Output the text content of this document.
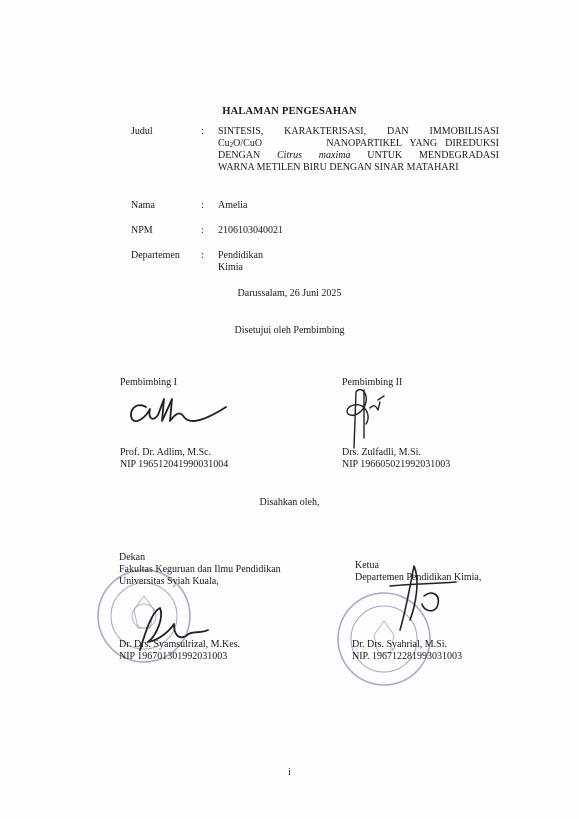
HALAMAN PENGESAHAN
Judul	: SINTESIS, KARAKTERISASI, DAN IMMOBILISASI
$Cu_2O$/CuO	NANOPARTIKEL YANG DIREDUKSI
DENGAN Citrus maxima UNTUK MENDEGRADASI
WARNA METILEN BIRU DENGAN SINAR MATAHARI
Nama	: Amelia
NPM	: 2106103040021
Departemen	: Pendidikan Kimia
Darussalam, 26 Juni 2025
Disetujui oleh Pembimbing
Pembimbing I
Prof. Dr. Adlim, M.Sc.
NIP 196512041990031004
Pembimbing II
Drs. Zulfadli, M.Si.
NIP 196605021992031003
Disahkan oleh,
Dekan
Fakultas Keguruan dan Ilmu Pendidikan
Universitas Syiah Kuala,
Dr. Drs. Syamsulrizal, M.Kes.
NIP 196701301992031003
Ketua
Departemen Pendidikan Kimia,
Dr. Drs. Syahrial, M.Si.
NIP. 196712281993031003
i
